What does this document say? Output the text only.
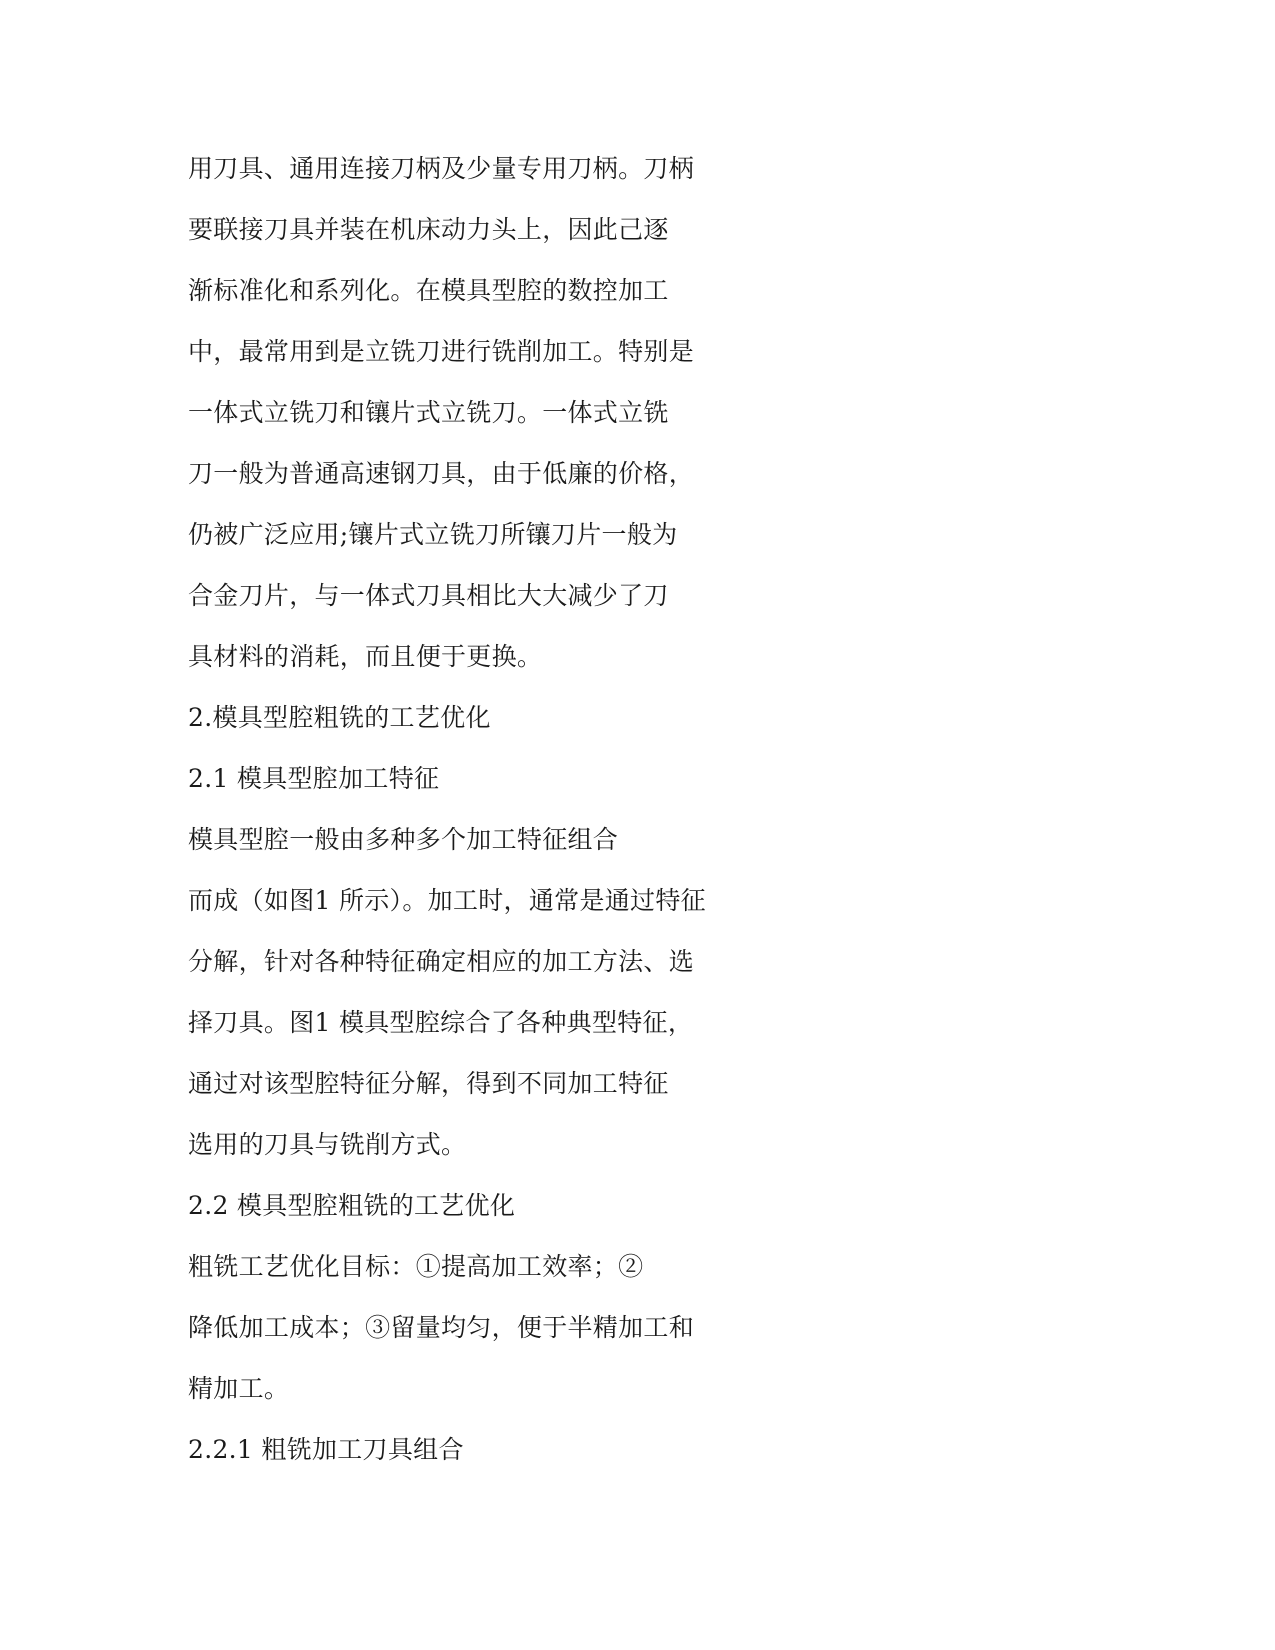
用刀具、通用连接刀柄及少量专用刀柄。刀柄
要联接刀具并装在机床动力头上，因此己逐
渐标准化和系列化。在模具型腔的数控加工
中，最常用到是立铣刀进行铣削加工。特别是
一体式立铣刀和镶片式立铣刀。一体式立铣
刀一般为普通高速钢刀具，由于低廉的价格，
仍被广泛应用;镶片式立铣刀所镶刀片一般为
合金刀片，与一体式刀具相比大大减少了刀
具材料的消耗，而且便于更换。
2.模具型腔粗铣的工艺优化
2.1 模具型腔加工特征
模具型腔一般由多种多个加工特征组合
而成（如图1 所示）。加工时，通常是通过特征
分解，针对各种特征确定相应的加工方法、选
择刀具。图1 模具型腔综合了各种典型特征，
通过对该型腔特征分解，得到不同加工特征
选用的刀具与铣削方式。
2.2 模具型腔粗铣的工艺优化
粗铣工艺优化目标：①提高加工效率；②
降低加工成本；③留量均匀，便于半精加工和
精加工。
2.2.1 粗铣加工刀具组合
